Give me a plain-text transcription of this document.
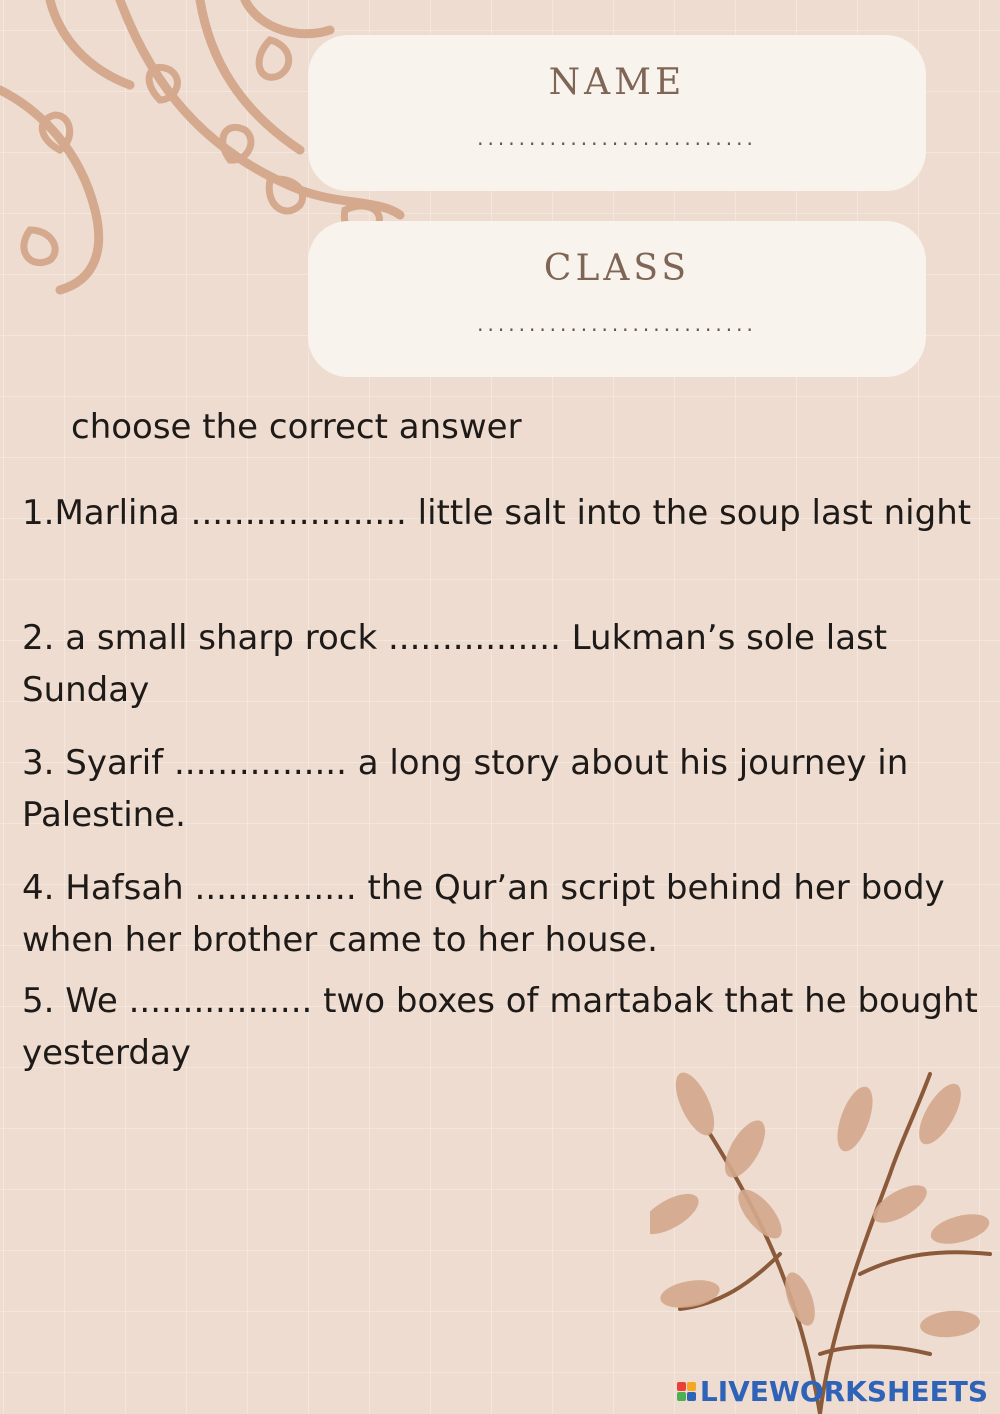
NAME
...........................
CLASS
...........................
choose the correct answer
1.Marlina .................... little salt into the soup last night
2. a small sharp rock ................ Lukman’s sole last Sunday
3. Syarif ................ a long story about his journey in Palestine.
4. Hafsah ............... the Qur’an script behind her body when her brother came to her house.
5. We ................. two boxes of martabak that he bought yesterday
LIVEWORKSHEETS
